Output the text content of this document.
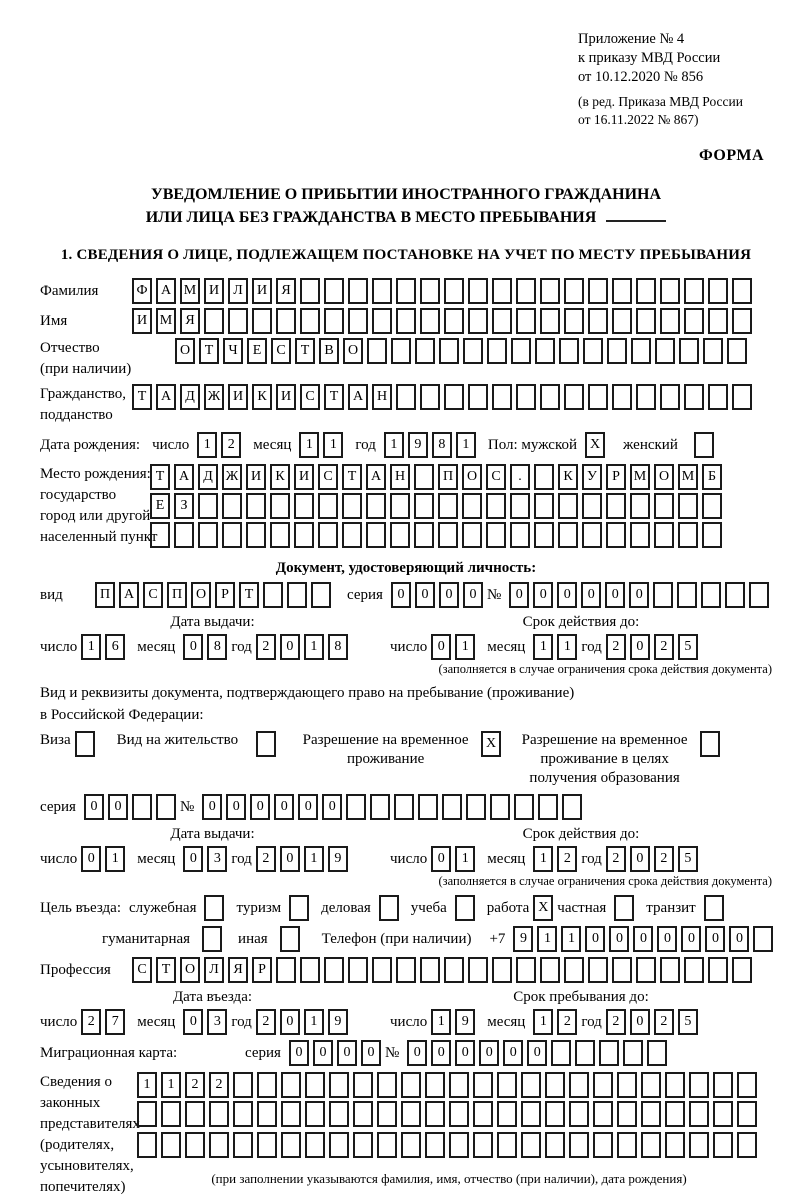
Приложение № 4
к приказу МВД России
от 10.12.2020 № 856
(в ред. Приказа МВД России
от 16.11.2022 № 867)
ФОРМА
УВЕДОМЛЕНИЕ О ПРИБЫТИИ ИНОСТРАННОГО ГРАЖДАНИНА
ИЛИ ЛИЦА БЕЗ ГРАЖДАНСТВА В МЕСТО ПРЕБЫВАНИЯ
1. СВЕДЕНИЯ О ЛИЦЕ, ПОДЛЕЖАЩЕМ ПОСТАНОВКЕ НА УЧЕТ ПО МЕСТУ ПРЕБЫВАНИЯ
Фамилия	Ф А М И	Л	И	Я
Имя	И М Я
Отчество
(при наличии)
О	Т	Ч	Е	С	Т	В	О
Гражданство,
подданство
Т	А	Д Ж И	К	И	С	Т	А Н
Дата рождения: число	1	2	месяц	1	1	год	1	9	8	1	Пол: мужской X	женский
Место рождения:
государство
город или другой
населенный пункт
Т	А	Д Ж И	К	И	С	Т	А Н	П О	С	.	К	У	Р М О М Б

Е	З

Документ, удостоверяющий личность:
вид	П А	С	П О	Р	Т	серия	0	0	0	0 №	0	0	0	0	0	0
Дата выдачи:
число 1	6	месяц	0	8 год 2	0	1	8
Срок действия до:
число 0	1	месяц	1	1 год 2	0	2	5
(заполняется в случае ограничения срока действия документа)
Вид и реквизиты документа, подтверждающего право на пребывание (проживание)
в Российской Федерации:
Виза	Вид на жительство	Разрешение на временное
проживание
X	Разрешение на временное
проживание в целях
получения образования
серия	0	0	№	0	0	0	0	0	0
Дата выдачи:
число 0	1	месяц	0	3 год 2	0	1	9
Срок действия до:
число 0	1	месяц	1	2 год 2	0	2	5
(заполняется в случае ограничения срока действия документа)
Цель въезда: служебная	туризм	деловая	учеба	работа X частная	транзит
гуманитарная	иная	Телефон (при наличии) +7	9	1	1	0	0	0	0	0	0	0
Профессия	С	Т	О	Л	Я	Р
Дата въезда:
число 2	7	месяц	0	3 год 2	0	1	9
Срок пребывания до:
число 1	9	месяц	1	2 год 2	0	2	5
Миграционная карта:	серия	0	0	0	0 №	0	0	0	0	0	0
Сведения о
законных
представителях
(родителях,
усыновителях,
попечителях)
1	1	2	2

(при заполнении указываются фамилия, имя, отчество (при наличии), дата рождения)
